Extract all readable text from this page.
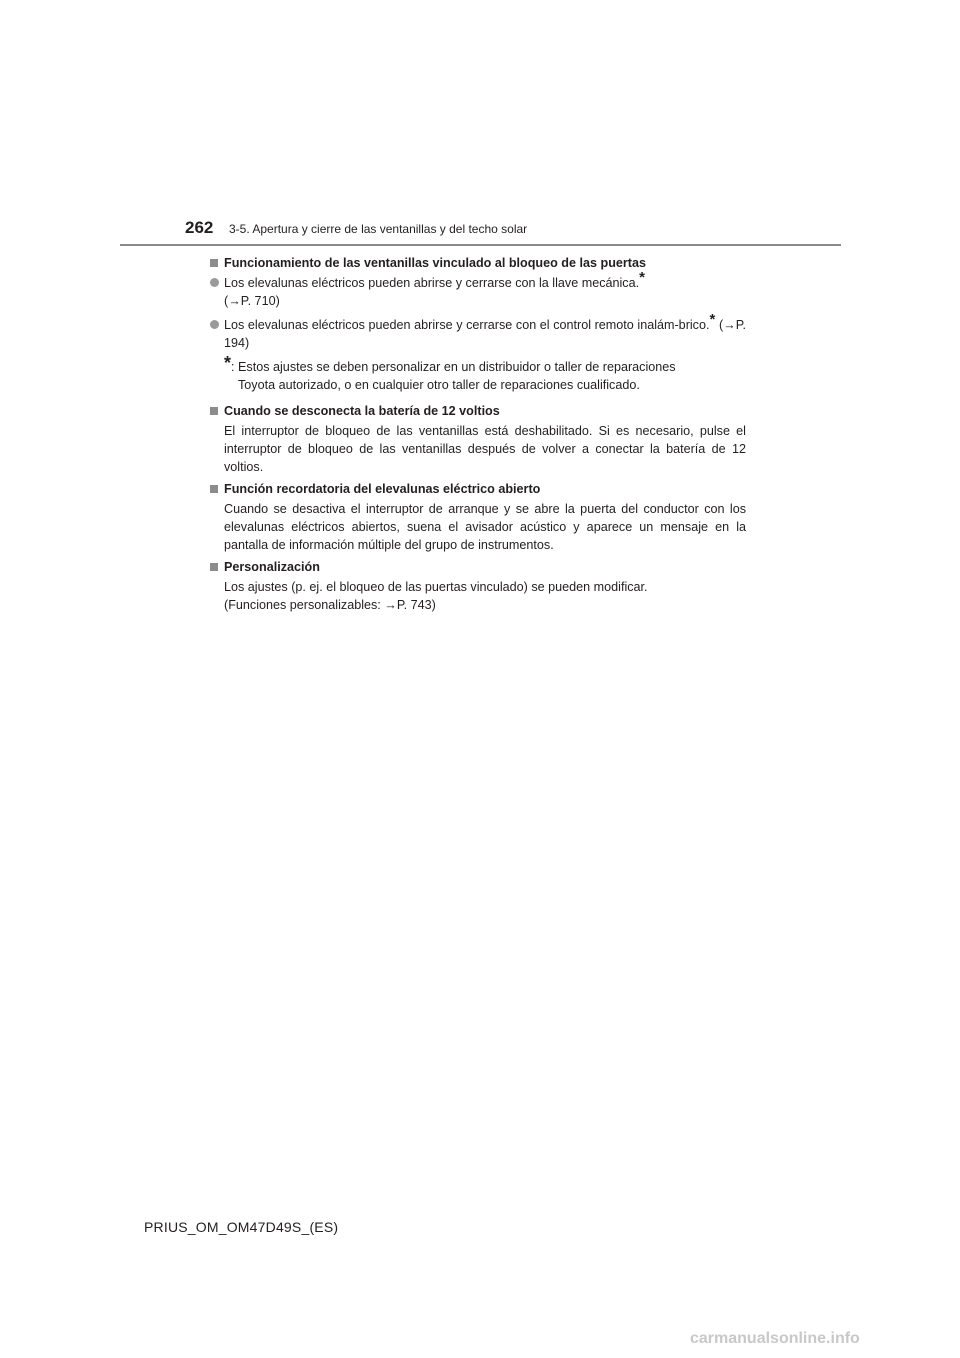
262 3-5. Apertura y cierre de las ventanillas y del techo solar
Funcionamiento de las ventanillas vinculado al bloqueo de las puertas
Los elevalunas eléctricos pueden abrirse y cerrarse con la llave mecánica.*
(→P. 710)
Los elevalunas eléctricos pueden abrirse y cerrarse con el control remoto inalám-brico.* (→P. 194)
*: Estos ajustes se deben personalizar en un distribuidor o taller de reparaciones
Toyota autorizado, o en cualquier otro taller de reparaciones cualificado.
Cuando se desconecta la batería de 12 voltios
El interruptor de bloqueo de las ventanillas está deshabilitado. Si es necesario, pulse el interruptor de bloqueo de las ventanillas después de volver a conectar la batería de 12 voltios.
Función recordatoria del elevalunas eléctrico abierto
Cuando se desactiva el interruptor de arranque y se abre la puerta del conductor con los elevalunas eléctricos abiertos, suena el avisador acústico y aparece un mensaje en la pantalla de información múltiple del grupo de instrumentos.
Personalización
Los ajustes (p. ej. el bloqueo de las puertas vinculado) se pueden modificar.
(Funciones personalizables: →P. 743)
PRIUS_OM_OM47D49S_(ES)
carmanualsonline.info
